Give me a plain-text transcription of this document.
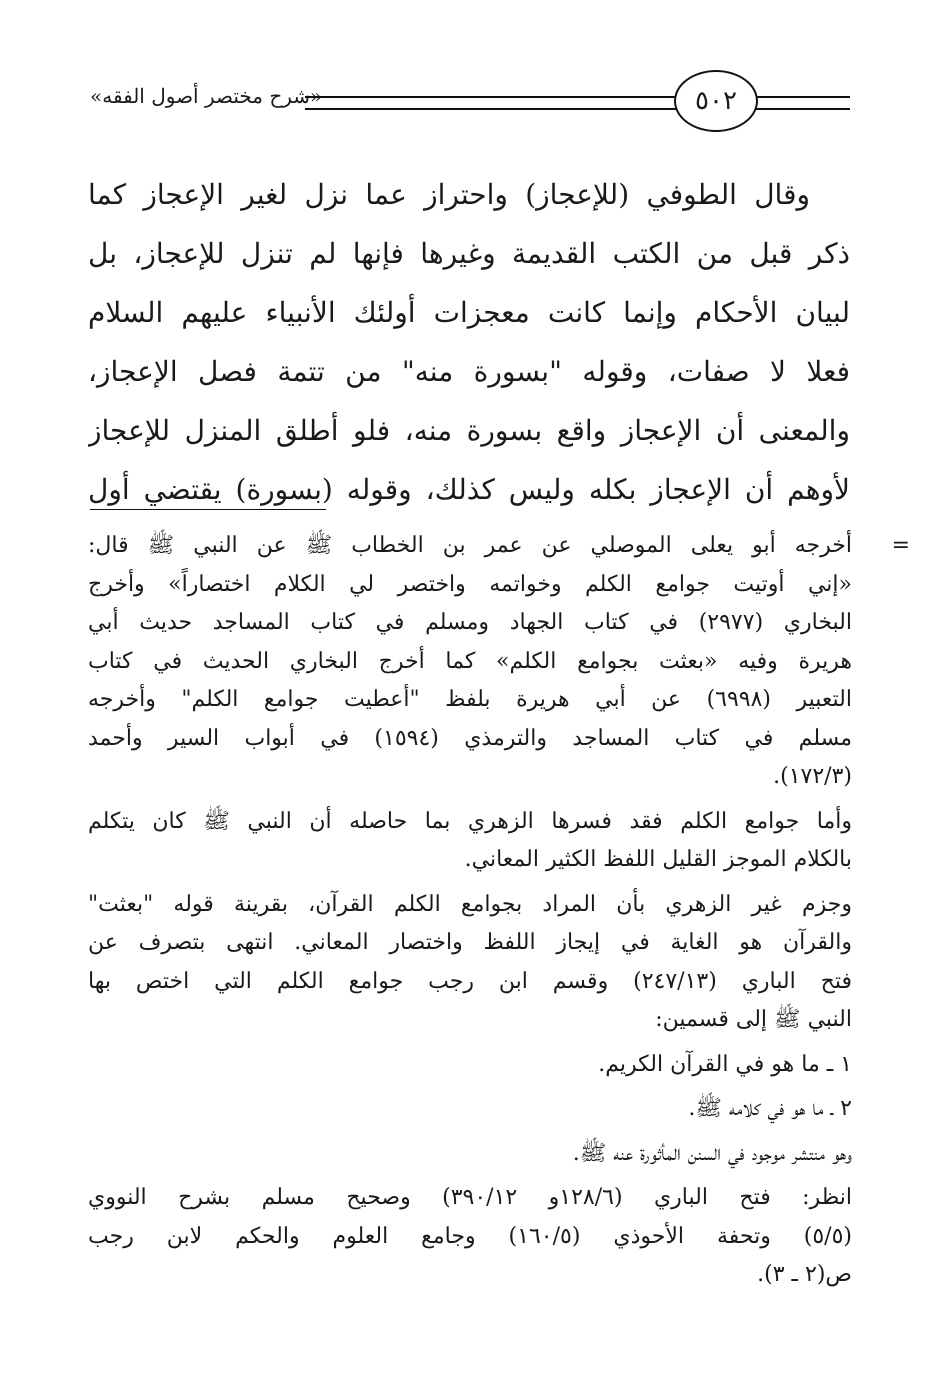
«شرح مختصر أصول الفقه»	٥٠٢
وقال الطوفي (للإعجاز) واحتراز عما نزل لغير الإعجاز كما
ذكر قبل من الكتب القديمة وغيرها فإنها لم تنزل للإعجاز، بل
لبيان الأحكام وإنما كانت معجزات أولئك الأنبياء عليهم السلام
فعلا لا صفات، وقوله "بسورة منه" من تتمة فصل الإعجاز،
والمعنى أن الإعجاز واقع بسورة منه، فلو أطلق المنزل للإعجاز
لأوهم أن الإعجاز بكله وليس كذلك، وقوله (بسورة) يقتضي أول
=
أخرجه أبو يعلى الموصلي عن عمر بن الخطاب ﷺ عن النبي ﷺ قال:
«إني أوتيت جوامع الكلم وخواتمه واختصر لي الكلام اختصاراً» وأخرج
البخاري (٢٩٧٧) في كتاب الجهاد ومسلم في كتاب المساجد حديث أبي
هريرة وفيه «بعثت بجوامع الكلم» كما أخرج البخاري الحديث في كتاب
التعبير (٦٩٩٨) عن أبي هريرة بلفظ "أعطيت جوامع الكلم" وأخرجه
مسلم في كتاب المساجد والترمذي (١٥٩٤) في أبواب السير وأحمد
(١٧٢/٣).
وأما جوامع الكلم فقد فسرها الزهري بما حاصله أن النبي ﷺ كان يتكلم
بالكلام الموجز القليل اللفظ الكثير المعاني.
وجزم غير الزهري بأن المراد بجوامع الكلم القرآن، بقرينة قوله "بعثت"
والقرآن هو الغاية في إيجاز اللفظ واختصار المعاني. انتهى بتصرف عن
فتح الباري (٢٤٧/١٣) وقسم ابن رجب جوامع الكلم التي اختص بها
النبي ﷺ إلى قسمين:
١ ـ ما هو في القرآن الكريم.
٢ ـ ما هو في كلامه ﷺ.
وهو منتشر موجود في السنن المأثورة عنه ﷺ.
انظر: فتح الباري (١٢٨/٦و ٣٩٠/١٢) وصحيح مسلم بشرح النووي
(٥/٥) وتحفة الأحوذي (١٦٠/٥) وجامع العلوم والحكم لابن رجب
ص(٢ ـ ٣).
